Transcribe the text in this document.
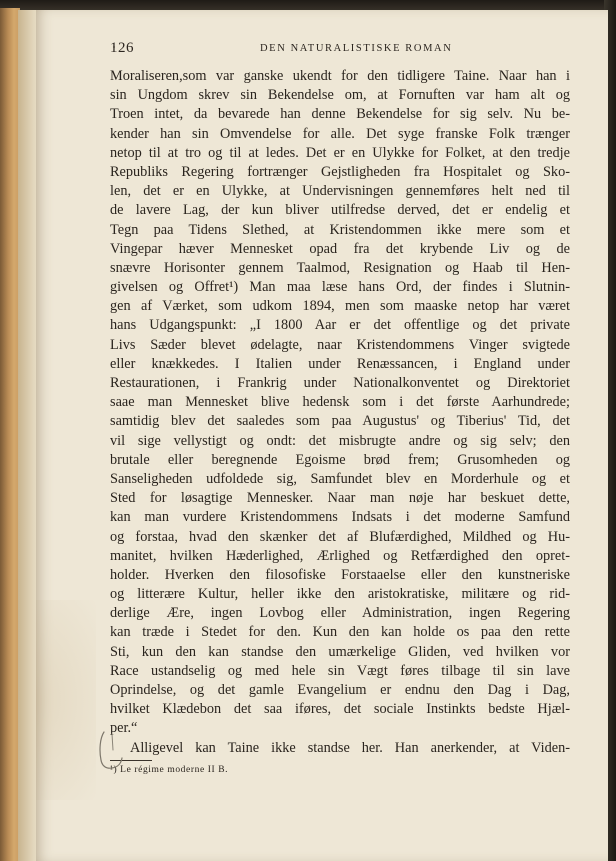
126	DEN NATURALISTISKE ROMAN
Moraliseren,som var ganske ukendt for den tidligere Taine. Naar han i
sin Ungdom skrev sin Bekendelse om, at Fornuften var ham alt og
Troen intet, da bevarede han denne Bekendelse for sig selv. Nu be-
kender han sin Omvendelse for alle. Det syge franske Folk trænger
netop til at tro og til at ledes. Det er en Ulykke for Folket, at den tredje
Republiks Regering fortrænger Gejstligheden fra Hospitalet og Sko-
len, det er en Ulykke, at Undervisningen gennemføres helt ned til
de lavere Lag, der kun bliver utilfredse derved, det er endelig et
Tegn paa Tidens Slethed, at Kristendommen ikke mere som et
Vingepar hæver Mennesket opad fra det krybende Liv og de
snævre Horisonter gennem Taalmod, Resignation og Haab til Hen-
givelsen og Offret¹) Man maa læse hans Ord, der findes i Slutnin-
gen af Værket, som udkom 1894, men som maaske netop har været
hans Udgangspunkt: „I 1800 Aar er det offentlige og det private
Livs Sæder blevet ødelagte, naar Kristendommens Vinger svigtede
eller knækkedes. I Italien under Renæssancen, i England under
Restaurationen, i Frankrig under Nationalkonventet og Direktoriet
saae man Mennesket blive hedensk som i det første Aarhundrede;
samtidig blev det saaledes som paa Augustus' og Tiberius' Tid, det
vil sige vellystigt og ondt: det misbrugte andre og sig selv; den
brutale eller beregnende Egoisme brød frem; Grusomheden og
Sanseligheden udfoldede sig, Samfundet blev en Morderhule og et
Sted for løsagtige Mennesker. Naar man nøje har beskuet dette,
kan man vurdere Kristendommens Indsats i det moderne Samfund
og forstaa, hvad den skænker det af Blufærdighed, Mildhed og Hu-
manitet, hvilken Hæderlighed, Ærlighed og Retfærdighed den opret-
holder. Hverken den filosofiske Forstaaelse eller den kunstneriske
og litterære Kultur, heller ikke den aristokratiske, militære og rid-
derlige Ære, ingen Lovbog eller Administration, ingen Regering
kan træde i Stedet for den. Kun den kan holde os paa den rette
Sti, kun den kan standse den umærkelige Gliden, ved hvilken vor
Race ustandselig og med hele sin Vægt føres tilbage til sin lave
Oprindelse, og det gamle Evangelium er endnu den Dag i Dag,
hvilket Klædebon det saa iføres, det sociale Instinkts bedste Hjæl-
per.“
Alligevel kan Taine ikke standse her. Han anerkender, at Viden-
¹) Le régime moderne II B.
